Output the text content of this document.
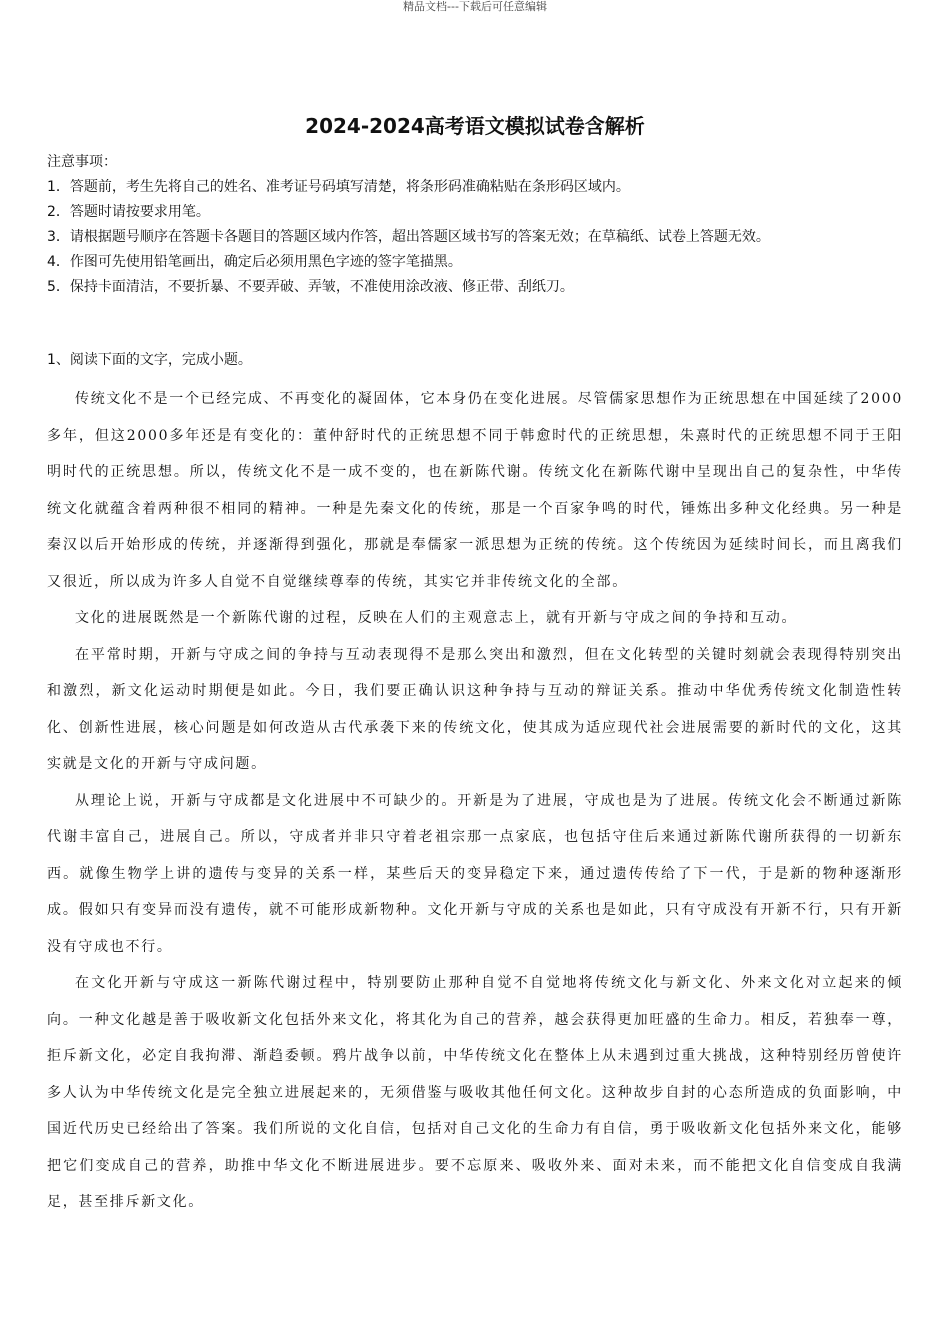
精品文档---下载后可任意编辑
2024-2024高考语文模拟试卷含解析
注意事项：
1．答题前，考生先将自己的姓名、准考证号码填写清楚，将条形码准确粘贴在条形码区域内。
2．答题时请按要求用笔。
3．请根据题号顺序在答题卡各题目的答题区域内作答，超出答题区域书写的答案无效；在草稿纸、试卷上答题无效。
4．作图可先使用铅笔画出，确定后必须用黑色字迹的签字笔描黑。
5．保持卡面清洁，不要折暴、不要弄破、弄皱，不准使用涂改液、修正带、刮纸刀。
1、阅读下面的文字，完成小题。

传统文化不是一个已经完成、不再变化的凝固体，它本身仍在变化进展。尽管儒家思想作为正统思想在中国延续了2000多年，但这2000多年还是有变化的：董仲舒时代的正统思想不同于韩愈时代的正统思想，朱熹时代的正统思想不同于王阳明时代的正统思想。所以，传统文化不是一成不变的，也在新陈代谢。传统文化在新陈代谢中呈现出自己的复杂性，中华传统文化就蕴含着两种很不相同的精神。一种是先秦文化的传统，那是一个百家争鸣的时代，锤炼出多种文化经典。另一种是秦汉以后开始形成的传统，并逐渐得到强化，那就是奉儒家一派思想为正统的传统。这个传统因为延续时间长，而且离我们又很近，所以成为许多人自觉不自觉继续尊奉的传统，其实它并非传统文化的全部。

文化的进展既然是一个新陈代谢的过程，反映在人们的主观意志上，就有开新与守成之间的争持和互动。

在平常时期，开新与守成之间的争持与互动表现得不是那么突出和激烈，但在文化转型的关键时刻就会表现得特别突出和激烈，新文化运动时期便是如此。今日，我们要正确认识这种争持与互动的辩证关系。推动中华优秀传统文化制造性转化、创新性进展，核心问题是如何改造从古代承袭下来的传统文化，使其成为适应现代社会进展需要的新时代的文化，这其实就是文化的开新与守成问题。

从理论上说，开新与守成都是文化进展中不可缺少的。开新是为了进展，守成也是为了进展。传统文化会不断通过新陈代谢丰富自己，进展自己。所以，守成者并非只守着老祖宗那一点家底，也包括守住后来通过新陈代谢所获得的一切新东西。就像生物学上讲的遗传与变异的关系一样，某些后天的变异稳定下来，通过遗传传给了下一代，于是新的物种逐渐形成。假如只有变异而没有遗传，就不可能形成新物种。文化开新与守成的关系也是如此，只有守成没有开新不行，只有开新没有守成也不行。

在文化开新与守成这一新陈代谢过程中，特别要防止那种自觉不自觉地将传统文化与新文化、外来文化对立起来的倾向。一种文化越是善于吸收新文化包括外来文化，将其化为自己的营养，越会获得更加旺盛的生命力。相反，若独奉一尊，拒斥新文化，必定自我拘滞、渐趋委顿。鸦片战争以前，中华传统文化在整体上从未遇到过重大挑战，这种特别经历曾使许多人认为中华传统文化是完全独立进展起来的，无须借鉴与吸收其他任何文化。这种故步自封的心态所造成的负面影响，中国近代历史已经给出了答案。我们所说的文化自信，包括对自己文化的生命力有自信，勇于吸收新文化包括外来文化，能够把它们变成自己的营养，助推中华文化不断进展进步。要不忘原来、吸收外来、面对未来，而不能把文化自信变成自我满足，甚至排斥新文化。
